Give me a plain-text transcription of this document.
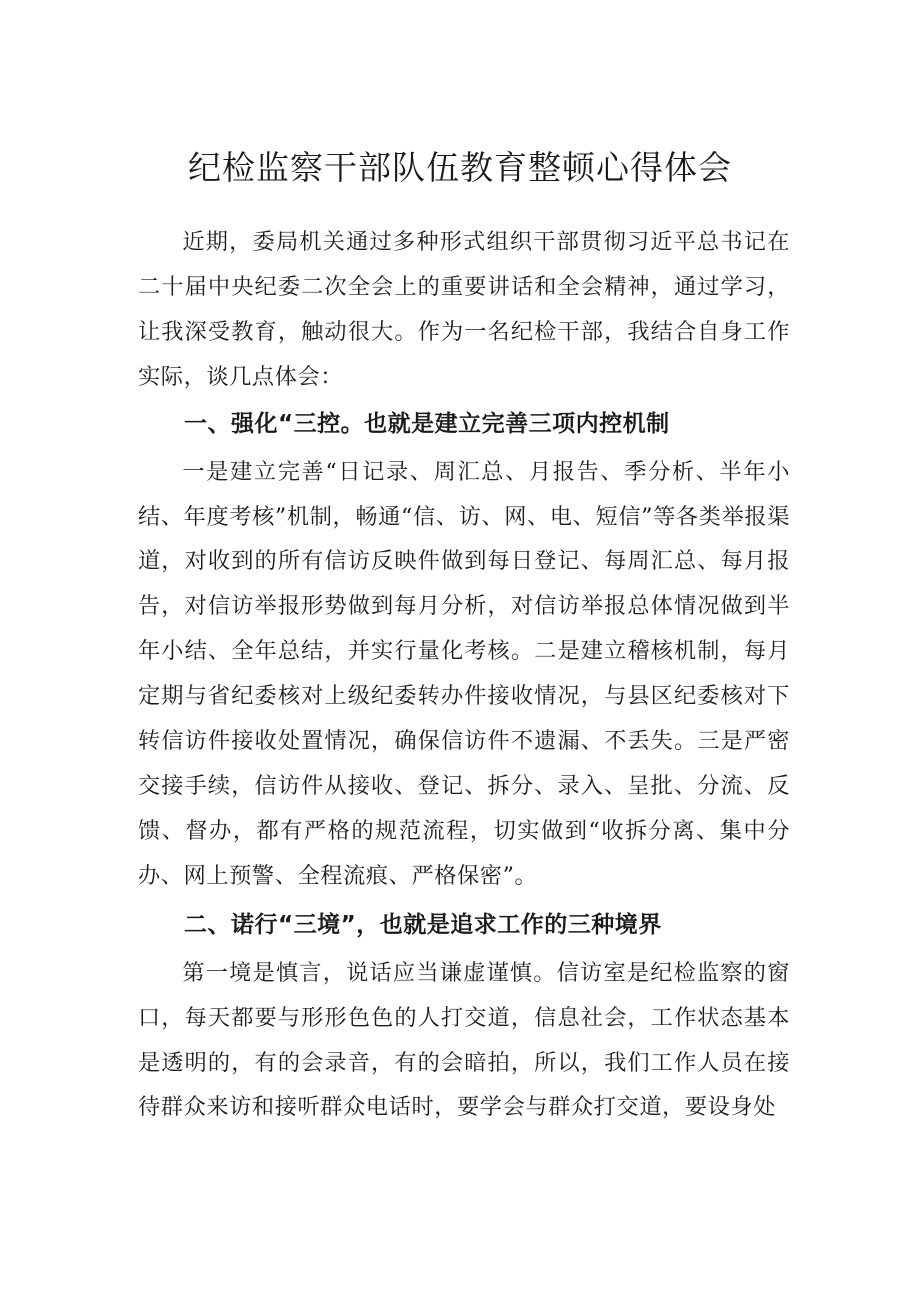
纪检监察干部队伍教育整顿心得体会

近期，委局机关通过多种形式组织干部贯彻习近平总书记在二十届中央纪委二次全会上的重要讲话和全会精神，通过学习，让我深受教育，触动很大。作为一名纪检干部，我结合自身工作实际，谈几点体会：

一、强化“三控。也就是建立完善三项内控机制

一是建立完善“日记录、周汇总、月报告、季分析、半年小结、年度考核”机制，畅通“信、访、网、电、短信”等各类举报渠道，对收到的所有信访反映件做到每日登记、每周汇总、每月报告，对信访举报形势做到每月分析，对信访举报总体情况做到半年小结、全年总结，并实行量化考核。二是建立稽核机制，每月定期与省纪委核对上级纪委转办件接收情况，与县区纪委核对下转信访件接收处置情况，确保信访件不遗漏、不丢失。三是严密交接手续，信访件从接收、登记、拆分、录入、呈批、分流、反馈、督办，都有严格的规范流程，切实做到“收拆分离、集中分办、网上预警、全程流痕、严格保密”。

二、诺行“三境”，也就是追求工作的三种境界

第一境是慎言，说话应当谦虚谨慎。信访室是纪检监察的窗口，每天都要与形形色色的人打交道，信息社会，工作状态基本是透明的，有的会录音，有的会暗拍，所以，我们工作人员在接待群众来访和接听群众电话时，要学会与群众打交道，要设身处
